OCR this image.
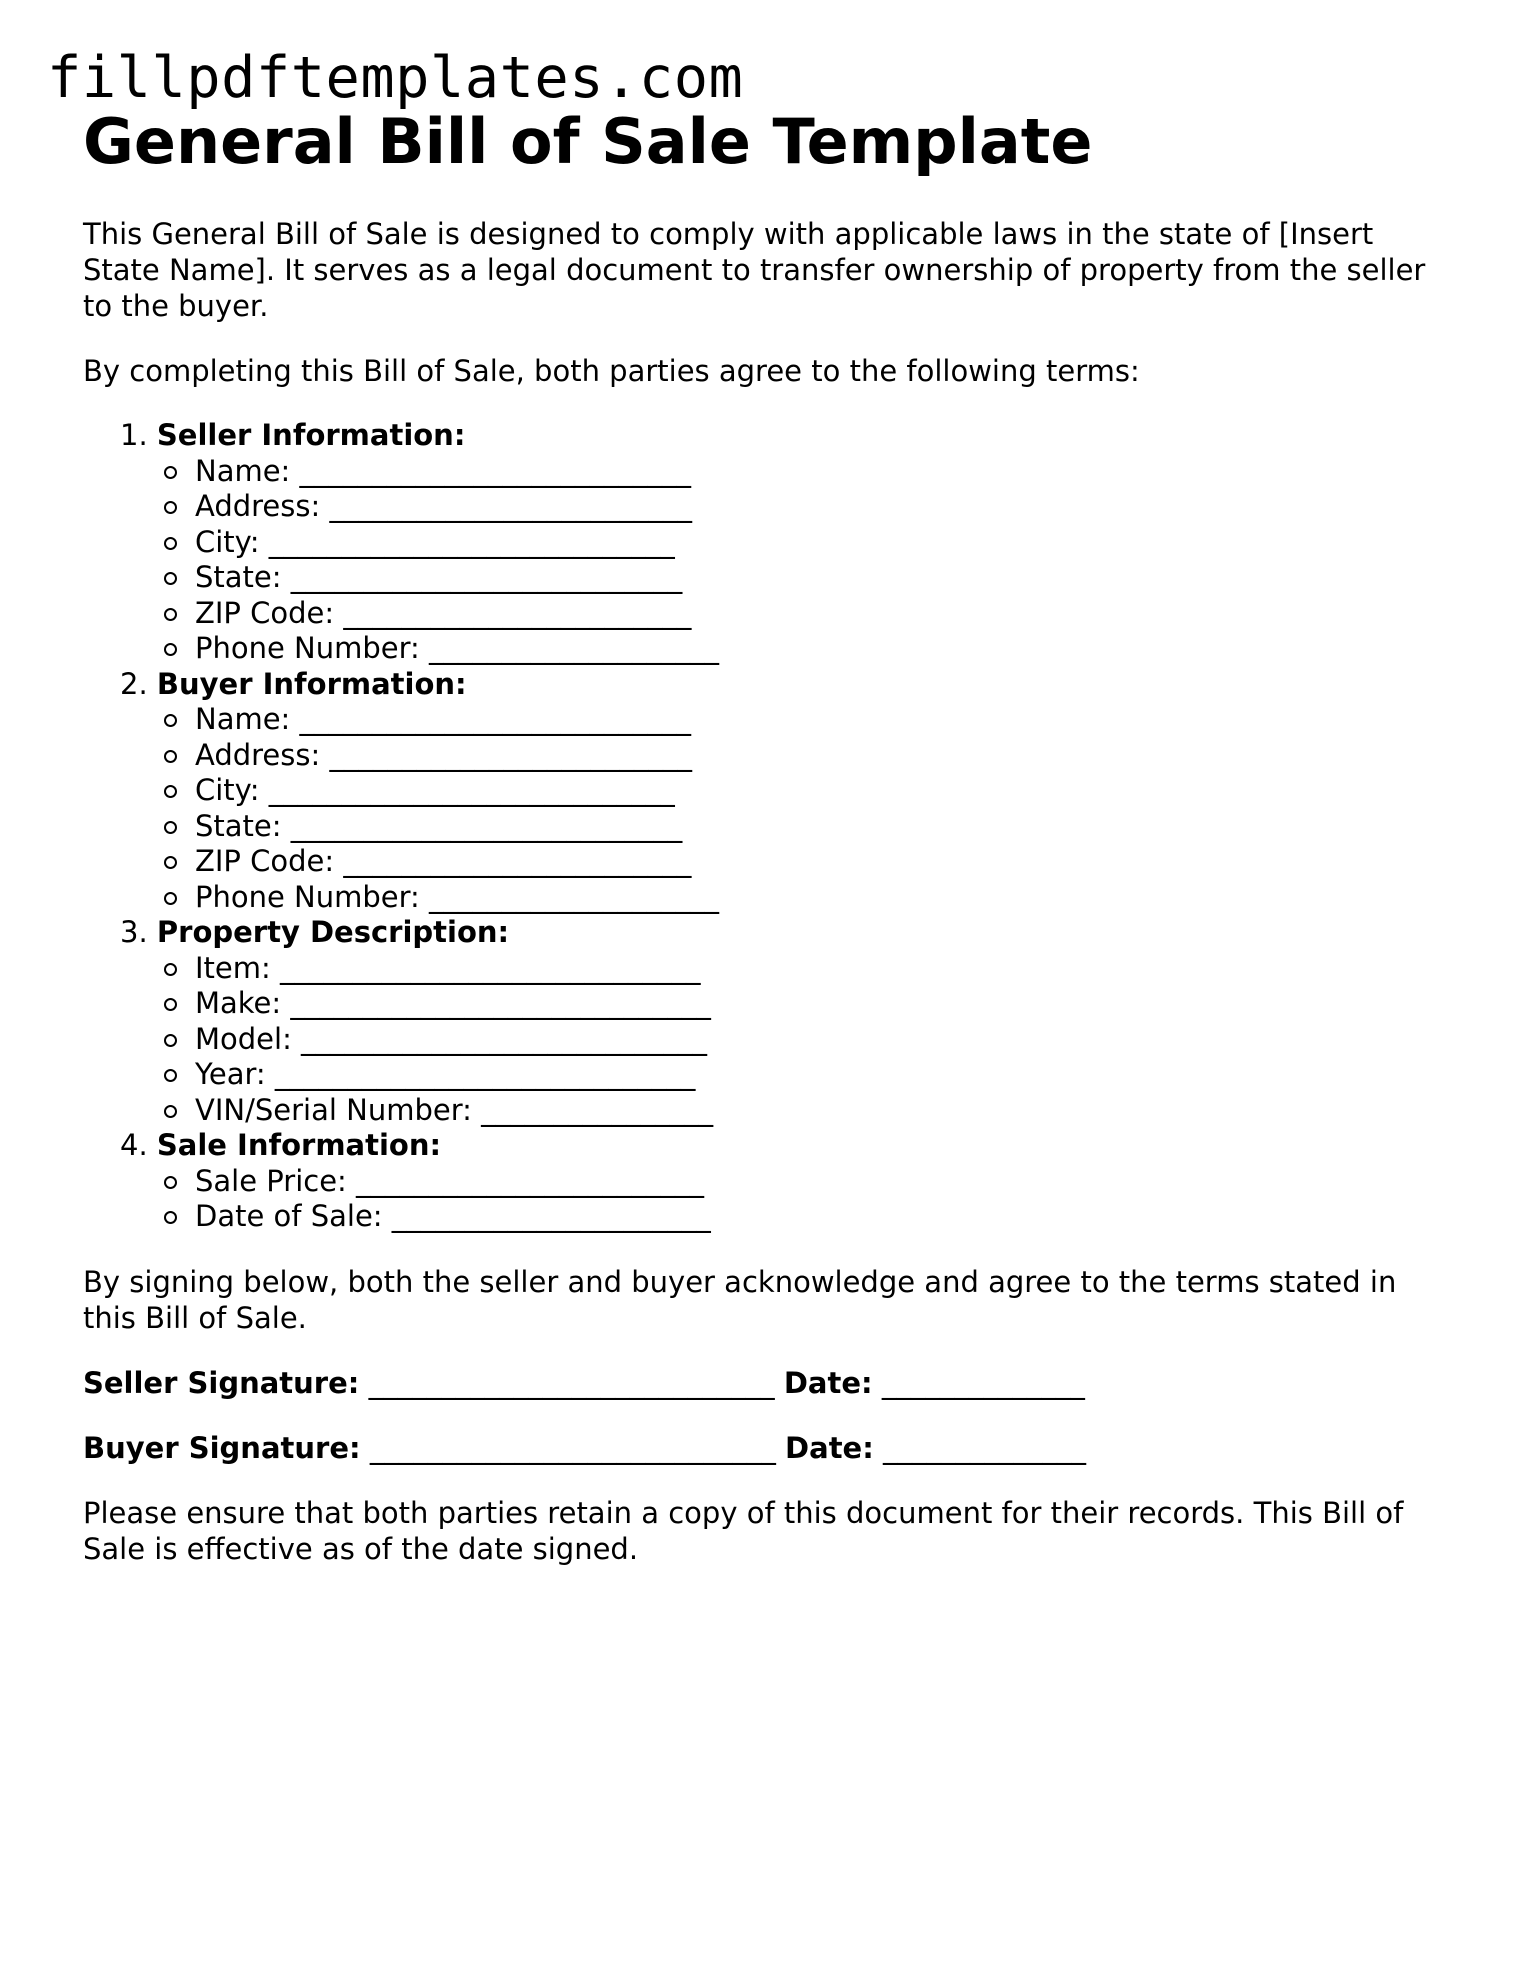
fillpdftemplates.com
General Bill of Sale Template

This General Bill of Sale is designed to comply with applicable laws in the state of [Insert State Name]. It serves as a legal document to transfer ownership of property from the seller to the buyer.

By completing this Bill of Sale, both parties agree to the following terms:

1. Seller Information:
Name: ___________________________
Address: _________________________
City: ____________________________
State: ___________________________
ZIP Code: ________________________
Phone Number: ____________________
2. Buyer Information:
Name: ___________________________
Address: _________________________
City: ____________________________
State: ___________________________
ZIP Code: ________________________
Phone Number: ____________________
3. Property Description:
Item: _____________________________
Make: _____________________________
Model: ____________________________
Year: _____________________________
VIN/Serial Number: ________________
4. Sale Information:
Sale Price: ________________________
Date of Sale: ______________________

By signing below, both the seller and buyer acknowledge and agree to the terms stated in this Bill of Sale.

Seller Signature: ____________________________ Date: ______________

Buyer Signature: ____________________________ Date: ______________

Please ensure that both parties retain a copy of this document for their records. This Bill of Sale is effective as of the date signed.
